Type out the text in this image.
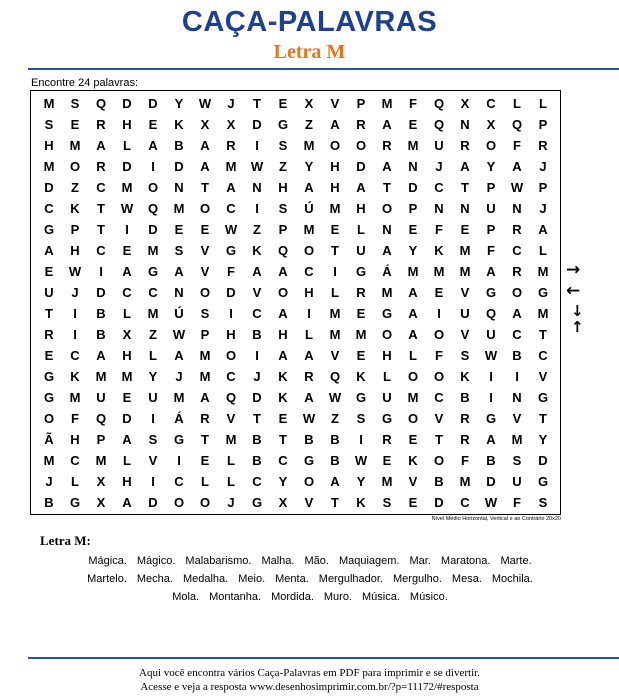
CAÇA-PALAVRAS
Letra M
Encontre 24 palavras:
M	S	Q	D	D	Y	W	J	T	E	X	V	P	M	F	Q	X	C	L	L
S	E	R	H	E	K	X	X	D	G	Z	A	R	A	E	Q	N	X	Q	P
H	M	A	L	A	B	A	R	I	S	M	O	O	R	M	U	R	O	F	R
M	O	R	D	I	D	A	M	W	Z	Y	H	D	A	N	J	A	Y	A	J
D	Z	C	M	O	N	T	A	N	H	A	H	A	T	D	C	T	P	W	P
C	K	T	W	Q	M	O	C	I	S	Ú	M	H	O	P	N	N	U	N	J
G	P	T	I	D	E	E	W	Z	P	M	E	L	N	E	F	E	P	R	A
A	H	C	E	M	S	V	G	K	Q	O	T	U	A	Y	K	M	F	C	L
E	W	I	A	G	A	V	F	A	A	C	I	G	Á	M	M	M	A	R	M
U	J	D	C	C	N	O	D	V	O	H	L	R	M	A	E	V	G	O	G
T	I	B	L	M	Ú	S	I	C	A	I	M	E	G	A	I	U	Q	A	M
R	I	B	X	Z	W	P	H	B	H	L	M	M	O	A	O	V	U	C	T
E	C	A	H	L	A	M	O	I	A	A	V	E	H	L	F	S	W	B	C
G	K	M	M	Y	J	M	C	J	K	R	Q	K	L	O	O	K	I	I	V
G	M	U	E	U	M	A	Q	D	K	A	W	G	U	M	C	B	I	N	G
O	F	Q	D	I	Á	R	V	T	E	W	Z	S	G	O	V	R	G	V	T
Ã	H	P	A	S	G	T	M	B	T	B	B	I	R	E	T	R	A	M	Y
M	C	M	L	V	I	E	L	B	C	G	B	W	E	K	O	F	B	S	D
J	L	X	H	I	C	L	L	C	Y	O	A	Y	M	V	B	M	D	U	G
B	G	X	A	D	O	O	J	G	X	V	T	K	S	E	D	C	W	F	S
Nível Médio Horizontal, Vertical e ao Contrário 20x20
→
←
↓
↑
Letra M:
Mágica. Mágico. Malabarismo. Malha. Mão. Maquiagem. Mar. Maratona. Marte.
Martelo. Mecha. Medalha. Meio. Menta. Mergulhador. Mergulho. Mesa. Mochila.
Mola. Montanha. Mordida. Muro. Música. Músico.
Aqui você encontra vários Caça-Palavras em PDF para imprimir e se divertir.
Acesse e veja a resposta www.desenhosimprimir.com.br/?p=11172/#resposta
